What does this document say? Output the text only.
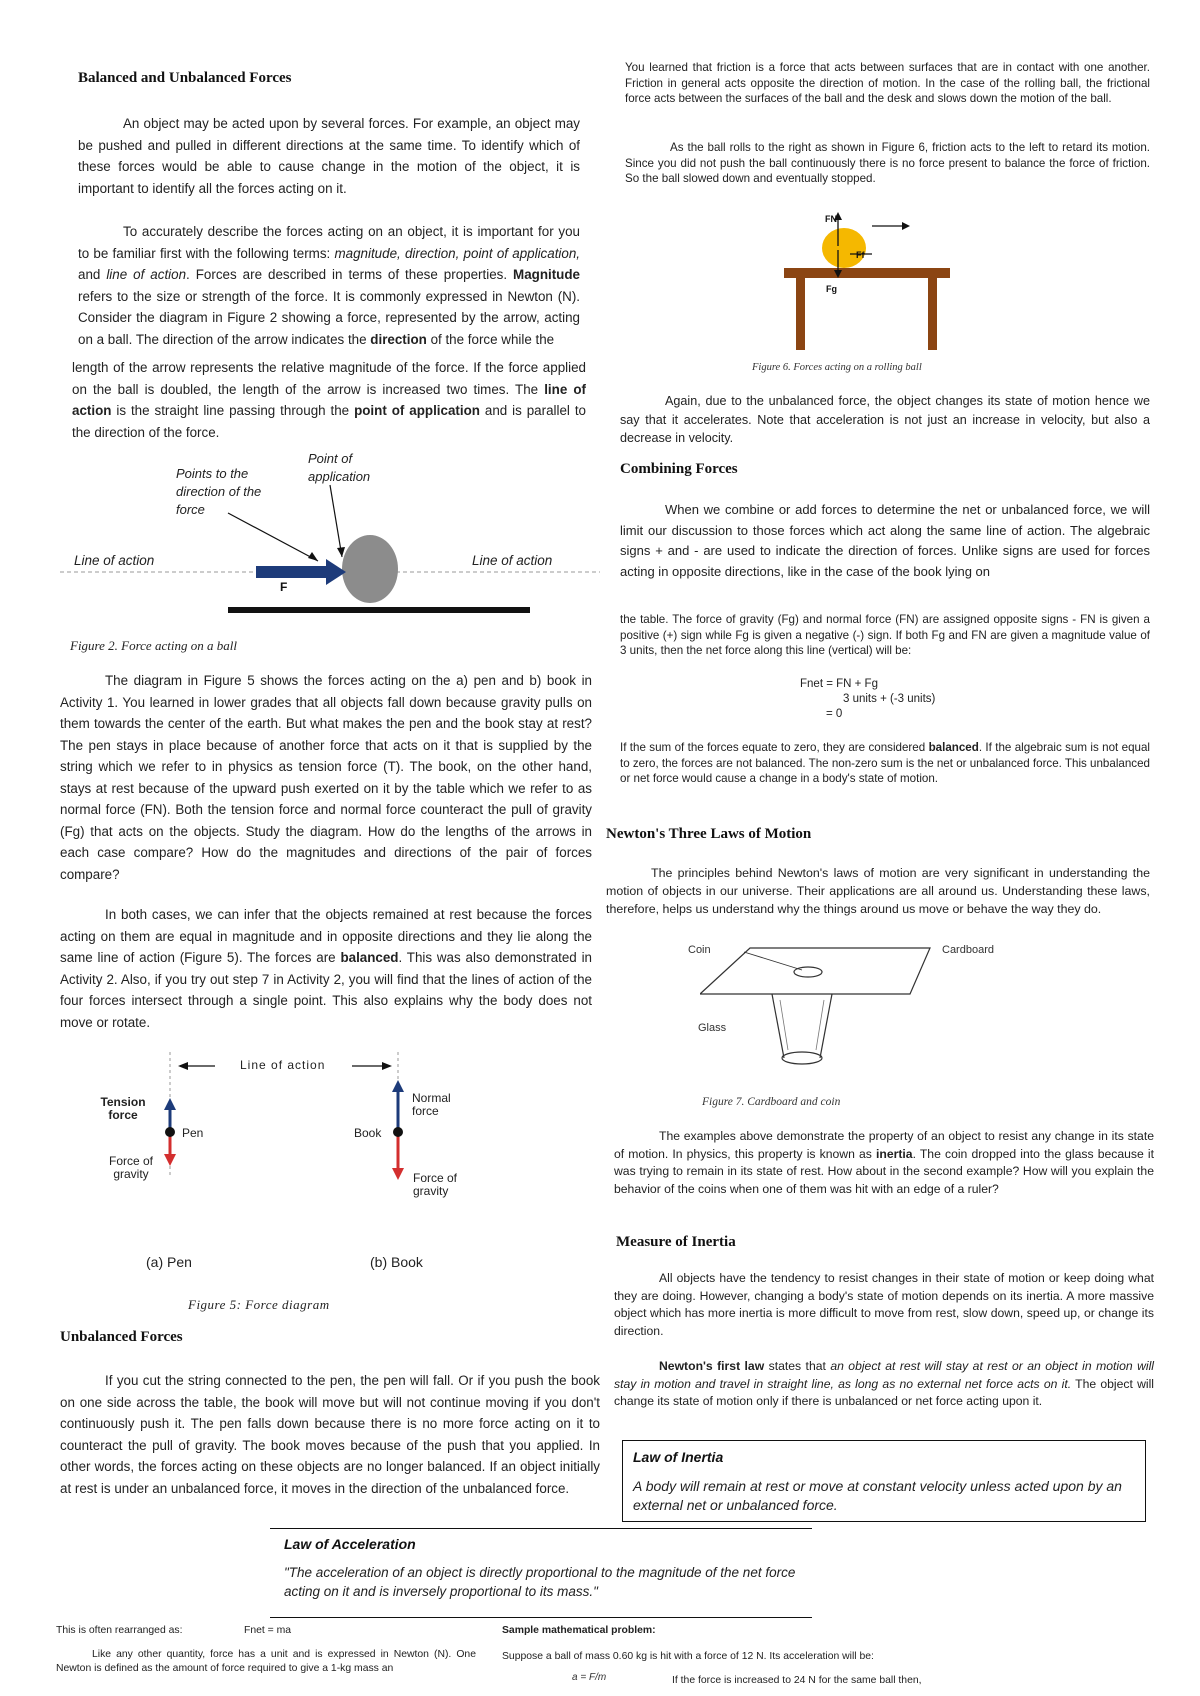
Balanced and Unbalanced Forces

An object may be acted upon by several forces. For example, an object may be pushed and pulled in different directions at the same time. To identify which of these forces would be able to cause change in the motion of the object, it is important to identify all the forces acting on it.

To accurately describe the forces acting on an object, it is important for you to be familiar first with the following terms: magnitude, direction, point of application, and line of action. Forces are described in terms of these properties. Magnitude refers to the size or strength of the force. It is commonly expressed in Newton (N). Consider the diagram in Figure 2 showing a force, represented by the arrow, acting on a ball. The direction of the arrow indicates the direction of the force while the

length of the arrow represents the relative magnitude of the force. If the force applied on the ball is doubled, the length of the arrow is increased two times. The line of action is the straight line passing through the point of application and is parallel to the direction of the force.

Points to the direction of the force
Point of application
Line of action	Line of action
F
Figure 2. Force acting on a ball

The diagram in Figure 5 shows the forces acting on the a) pen and b) book in Activity 1. You learned in lower grades that all objects fall down because gravity pulls on them towards the center of the earth. But what makes the pen and the book stay at rest? The pen stays in place because of another force that acts on it that is supplied by the string which we refer to in physics as tension force (T). The book, on the other hand, stays at rest because of the upward push exerted on it by the table which we refer to as normal force (FN). Both the tension force and normal force counteract the pull of gravity (Fg) that acts on the objects. Study the diagram. How do the lengths of the arrows in each case compare? How do the magnitudes and directions of the pair of forces compare?

In both cases, we can infer that the objects remained at rest because the forces acting on them are equal in magnitude and in opposite directions and they lie along the same line of action (Figure 5). The forces are balanced. This was also demonstrated in Activity 2. Also, if you try out step 7 in Activity 2, you will find that the lines of action of the four forces intersect through a single point. This also explains why the body does not move or rotate.

Line of action
Tension force
Pen
Force of gravity
Normal force
Book
Force of gravity
(a) Pen	(b) Book
Figure 5: Force diagram
Unbalanced Forces

If you cut the string connected to the pen, the pen will fall. Or if you push the book on one side across the table, the book will move but will not continue moving if you don't continuously push it. The pen falls down because there is no more force acting on it to counteract the pull of gravity. The book moves because of the push that you applied. In other words, the forces acting on these objects are no longer balanced. If an object initially at rest is under an unbalanced force, it moves in the direction of the unbalanced force.

You learned that friction is a force that acts between surfaces that are in contact with one another. Friction in general acts opposite the direction of motion. In the case of the rolling ball, the frictional force acts between the surfaces of the ball and the desk and slows down the motion of the ball.

As the ball rolls to the right as shown in Figure 6, friction acts to the left to retard its motion. Since you did not push the ball continuously there is no force present to balance the force of friction. So the ball slowed down and eventually stopped.

FN
Ff
Fg
Figure 6. Forces acting on a rolling ball

Again, due to the unbalanced force, the object changes its state of motion hence we say that it accelerates. Note that acceleration is not just an increase in velocity, but also a decrease in velocity.

Combining Forces

When we combine or add forces to determine the net or unbalanced force, we will limit our discussion to those forces which act along the same line of action. The algebraic signs + and - are used to indicate the direction of forces. Unlike signs are used for forces acting in opposite directions, like in the case of the book lying on

the table. The force of gravity (Fg) and normal force (FN) are assigned opposite signs - FN is given a positive (+) sign while Fg is given a negative (-) sign. If both Fg and FN are given a magnitude value of 3 units, then the net force along this line (vertical) will be:

Fnet = FN + Fg
3 units + (-3 units)
= 0

If the sum of the forces equate to zero, they are considered balanced. If the algebraic sum is not equal to zero, the forces are not balanced. The non-zero sum is the net or unbalanced force. This unbalanced or net force would cause a change in a body's state of motion.

Newton's Three Laws of Motion

The principles behind Newton's laws of motion are very significant in understanding the motion of objects in our universe. Their applications are all around us. Understanding these laws, therefore, helps us understand why the things around us move or behave the way they do.

Coin	Cardboard
Glass
Figure 7. Cardboard and coin

The examples above demonstrate the property of an object to resist any change in its state of motion. In physics, this property is known as inertia. The coin dropped into the glass because it was trying to remain in its state of rest. How about in the second example? How will you explain the behavior of the coins when one of them was hit with an edge of a ruler?

Measure of Inertia

All objects have the tendency to resist changes in their state of motion or keep doing what they are doing. However, changing a body's state of motion depends on its inertia. A more massive object which has more inertia is more difficult to move from rest, slow down, speed up, or change its direction.

Newton's first law states that an object at rest will stay at rest or an object in motion will stay in motion and travel in straight line, as long as no external net force acts on it. The object will change its state of motion only if there is unbalanced or net force acting upon it.

Law of Inertia
A body will remain at rest or move at constant velocity unless acted upon by an external net or unbalanced force.
Law of Acceleration
"The acceleration of an object is directly proportional to the magnitude of the net force acting on it and is inversely proportional to its mass."
This is often rearranged as:	Fnet = ma
Like any other quantity, force has a unit and is expressed in Newton (N). One Newton is defined as the amount of force required to give a 1-kg mass an
Sample mathematical problem:
Suppose a ball of mass 0.60 kg is hit with a force of 12 N. Its acceleration will be:
a = F/m	If the force is increased to 24 N for the same ball then,
